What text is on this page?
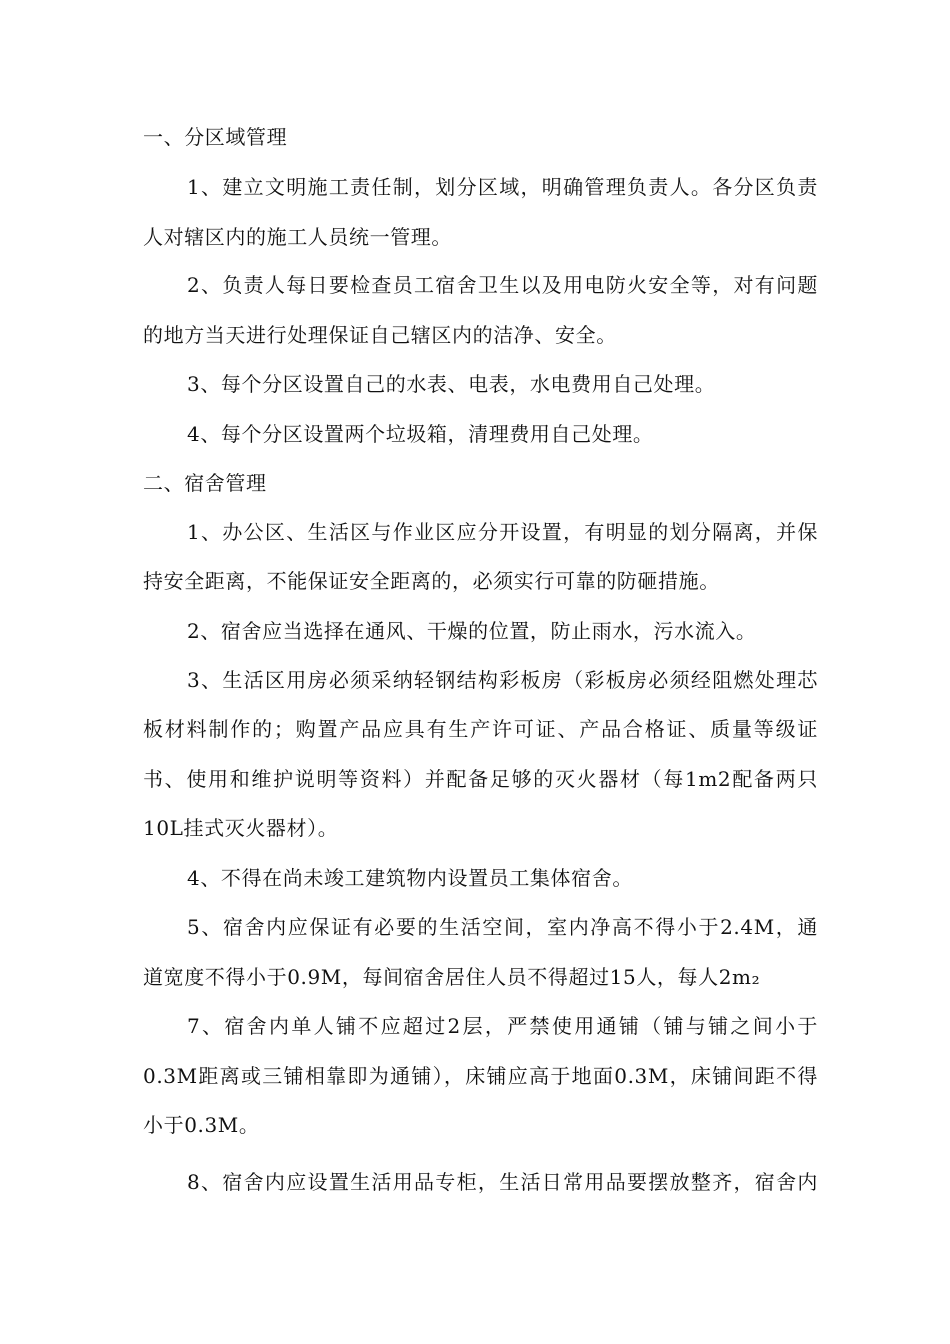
一、分区域管理
1、建立文明施工责任制，划分区域，明确管理负责人。各分区负责
人对辖区内的施工人员统一管理。
2、负责人每日要检查员工宿舍卫生以及用电防火安全等，对有问题
的地方当天进行处理保证自己辖区内的洁净、安全。
3、每个分区设置自己的水表、电表，水电费用自己处理。
4、每个分区设置两个垃圾箱，清理费用自己处理。
二、宿舍管理
1、办公区、生活区与作业区应分开设置，有明显的划分隔离，并保
持安全距离，不能保证安全距离的，必须实行可靠的防砸措施。
2、宿舍应当选择在通风、干燥的位置，防止雨水，污水流入。
3、生活区用房必须采纳轻钢结构彩板房（彩板房必须经阻燃处理芯
板材料制作的；购置产品应具有生产许可证、产品合格证、质量等级证
书、使用和维护说明等资料）并配备足够的灭火器材（每1m2配备两只
10L挂式灭火器材）。
4、不得在尚未竣工建筑物内设置员工集体宿舍。
5、宿舍内应保证有必要的生活空间，室内净高不得小于2.4M，通
道宽度不得小于0.9M，每间宿舍居住人员不得超过15人，每人2m₂
7、宿舍内单人铺不应超过2层，严禁使用通铺（铺与铺之间小于
0.3M距离或三铺相靠即为通铺），床铺应高于地面0.3M，床铺间距不得
小于0.3M。
8、宿舍内应设置生活用品专柜，生活日常用品要摆放整齐，宿舍内
